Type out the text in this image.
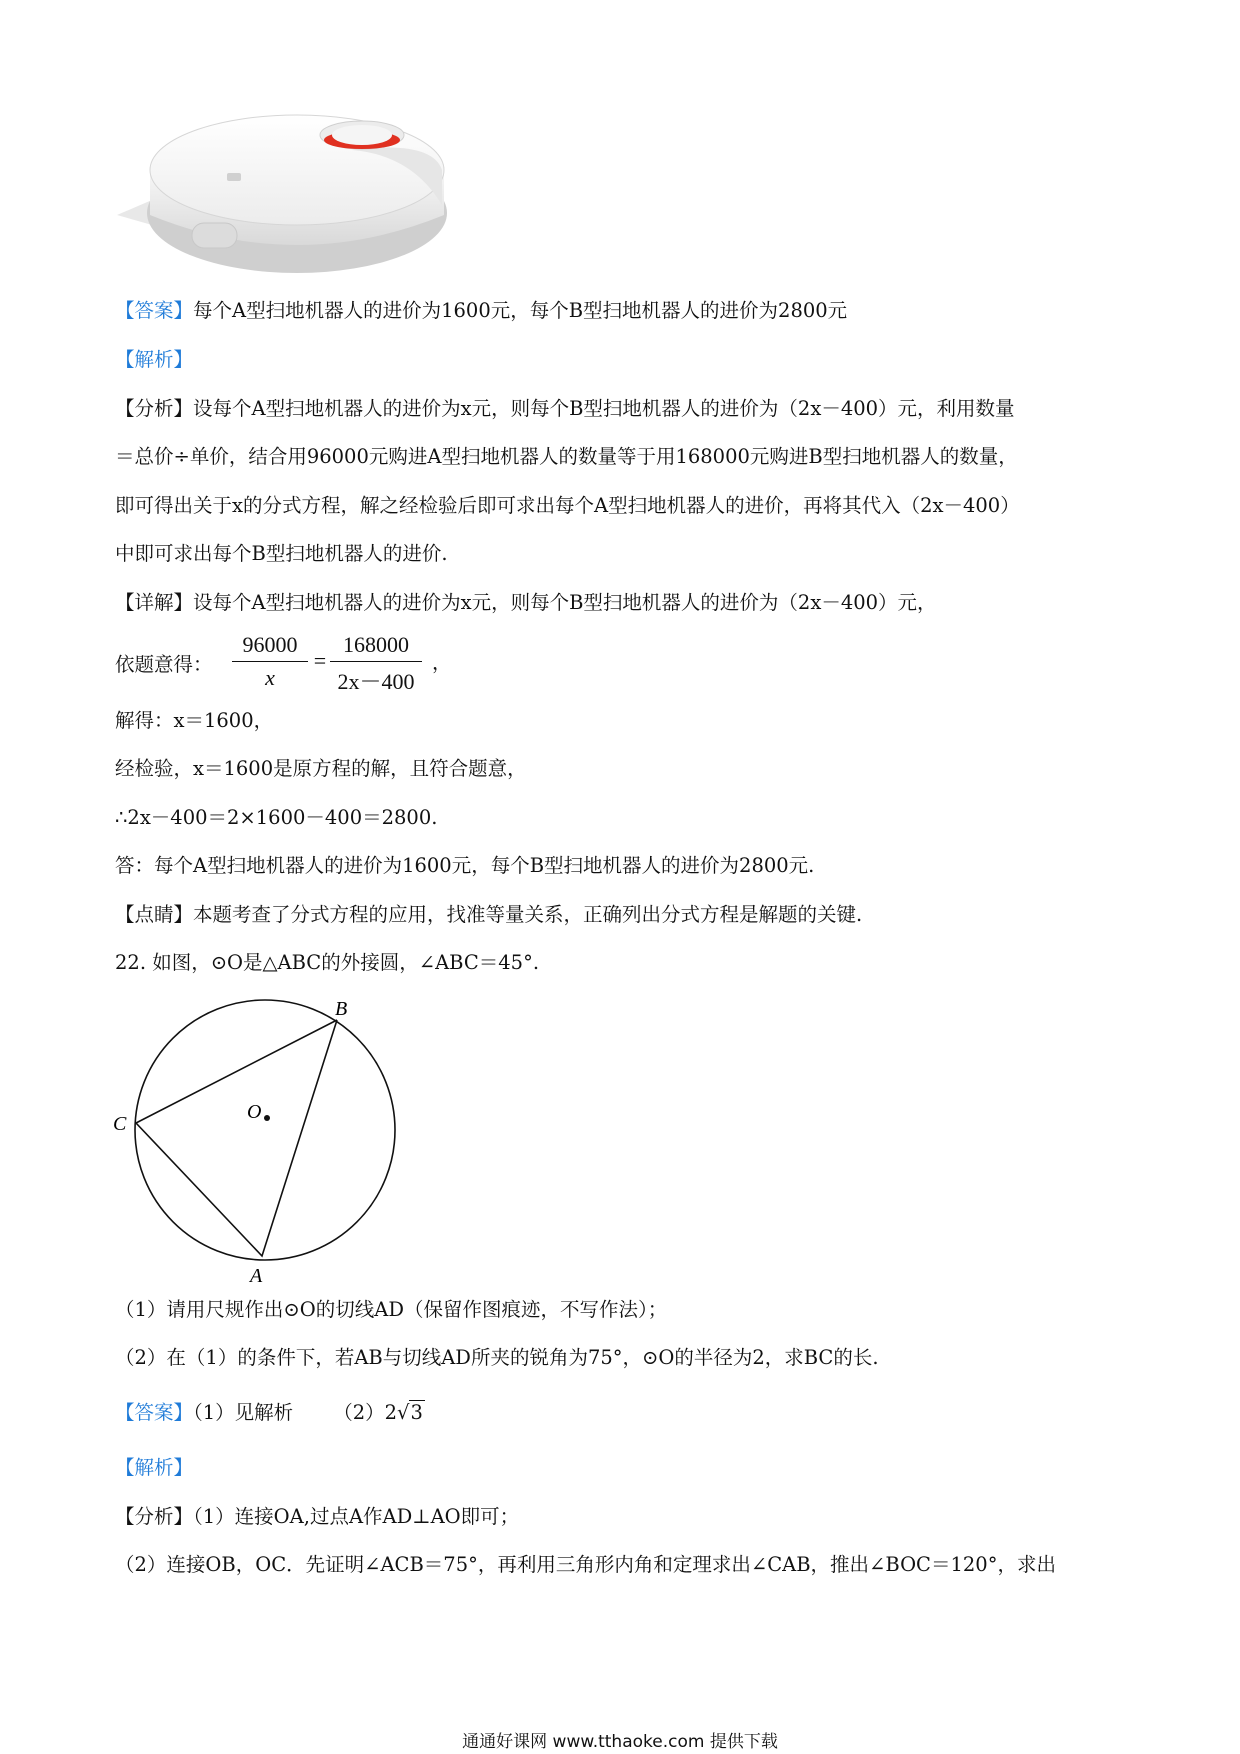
【答案】每个A型扫地机器人的进价为1600元，每个B型扫地机器人的进价为2800元
【解析】
【分析】设每个A型扫地机器人的进价为x元，则每个B型扫地机器人的进价为（2x－400）元，利用数量
＝总价÷单价，结合用96000元购进A型扫地机器人的数量等于用168000元购进B型扫地机器人的数量，
即可得出关于x的分式方程，解之经检验后即可求出每个A型扫地机器人的进价，再将其代入（2x－400）
中即可求出每个B型扫地机器人的进价.
【详解】设每个A型扫地机器人的进价为x元，则每个B型扫地机器人的进价为（2x－400）元，
依题意得：
96000
x
=
168000
2x－400
，
解得：x＝1600，
经检验，x＝1600是原方程的解，且符合题意，
∴2x－400＝2×1600－400＝2800.
答：每个A型扫地机器人的进价为1600元，每个B型扫地机器人的进价为2800元.
【点睛】本题考查了分式方程的应用，找准等量关系，正确列出分式方程是解题的关键.
22. 如图，⊙O是△ABC的外接圆，∠ABC＝45°.
B
C
O
A
（1）请用尺规作出⊙O的切线AD（保留作图痕迹，不写作法）；
（2）在（1）的条件下，若AB与切线AD所夹的锐角为75°，⊙O的半径为2，求BC的长.
【答案】（1）见解析 （2）2√3
【解析】
【分析】（1）连接OA,过点A作AD⊥AO即可；
（2）连接OB，OC．先证明∠ACB＝75°，再利用三角形内角和定理求出∠CAB，推出∠BOC＝120°，求出
通通好课网 www.tthaoke.com 提供下载
